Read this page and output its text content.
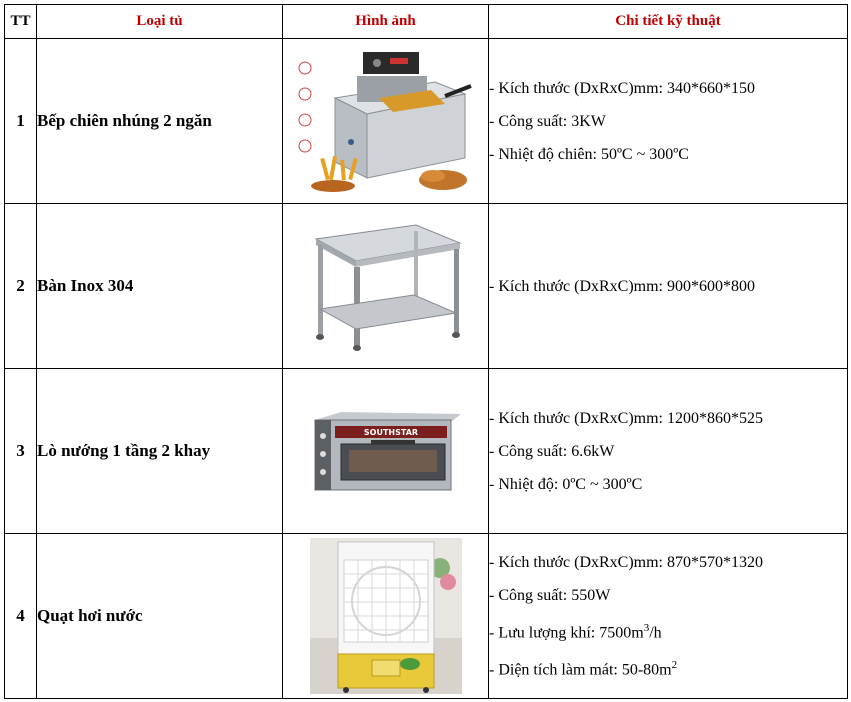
TT	Loại tủ	Hình ảnh	Chi tiết kỹ thuật
1	Bếp chiên nhúng 2 ngăn		- Kích thước (DxRxC)mm: 340*660*150
- Công suất: 3KW
- Nhiệt độ chiên: 50ºC ~ 300ºC

2	Bàn Inox 304		- Kích thước (DxRxC)mm: 900*600*800

3	Lò nướng 1 tầng 2 khay	SOUTHSTAR	- Kích thước (DxRxC)mm: 1200*860*525
- Công suất: 6.6kW
- Nhiệt độ: 0ºC ~ 300ºC

4	Quạt hơi nước		- Kích thước (DxRxC)mm: 870*570*1320
- Công suất: 550W
- Lưu lượng khí: $7500m^3/h$
- Diện tích làm mát: $50-80m^2$
